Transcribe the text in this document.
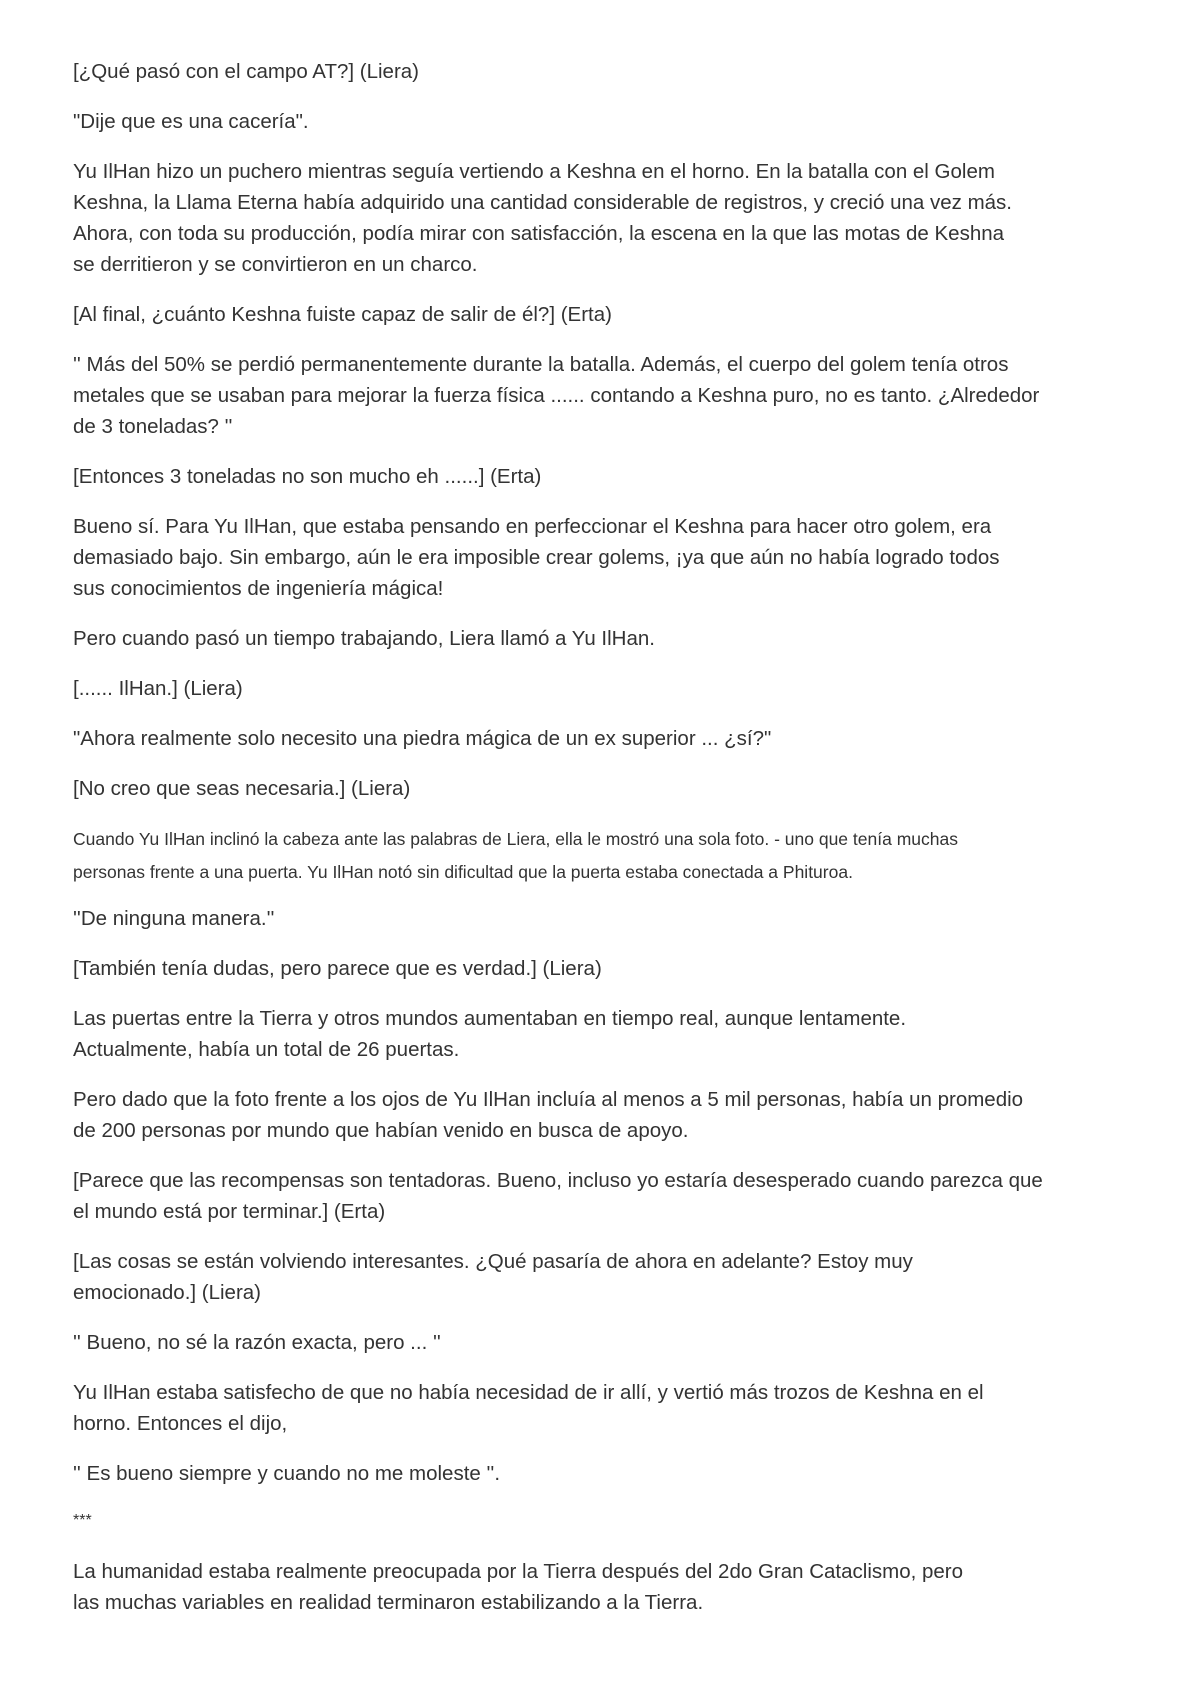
[¿Qué pasó con el campo AT?] (Liera)

"Dije que es una cacería".

Yu IlHan hizo un puchero mientras seguía vertiendo a Keshna en el horno. En la batalla con el Golem
Keshna, la Llama Eterna había adquirido una cantidad considerable de registros, y creció una vez más.
Ahora, con toda su producción, podía mirar con satisfacción, la escena en la que las motas de Keshna
se derritieron y se convirtieron en un charco.

[Al final, ¿cuánto Keshna fuiste capaz de salir de él?] (Erta)

'' Más del 50% se perdió permanentemente durante la batalla. Además, el cuerpo del golem tenía otros
metales que se usaban para mejorar la fuerza física ...... contando a Keshna puro, no es tanto. ¿Alrededor
de 3 toneladas? ''

[Entonces 3 toneladas no son mucho eh ......] (Erta)

Bueno sí. Para Yu IlHan, que estaba pensando en perfeccionar el Keshna para hacer otro golem, era
demasiado bajo. Sin embargo, aún le era imposible crear golems, ¡ya que aún no había logrado todos
sus conocimientos de ingeniería mágica!

Pero cuando pasó un tiempo trabajando, Liera llamó a Yu IlHan.

[...... IlHan.] (Liera)

"Ahora realmente solo necesito una piedra mágica de un ex superior ... ¿sí?"

[No creo que seas necesaria.] (Liera)

Cuando Yu IlHan inclinó la cabeza ante las palabras de Liera, ella le mostró una sola foto. - uno que tenía muchas
personas frente a una puerta. Yu IlHan notó sin dificultad que la puerta estaba conectada a Phituroa.

''De ninguna manera.''

[También tenía dudas, pero parece que es verdad.] (Liera)

Las puertas entre la Tierra y otros mundos aumentaban en tiempo real, aunque lentamente.
Actualmente, había un total de 26 puertas.

Pero dado que la foto frente a los ojos de Yu IlHan incluía al menos a 5 mil personas, había un promedio
de 200 personas por mundo que habían venido en busca de apoyo.

[Parece que las recompensas son tentadoras. Bueno, incluso yo estaría desesperado cuando parezca que
el mundo está por terminar.] (Erta)

[Las cosas se están volviendo interesantes. ¿Qué pasaría de ahora en adelante? Estoy muy
emocionado.] (Liera)

'' Bueno, no sé la razón exacta, pero ... ''

Yu IlHan estaba satisfecho de que no había necesidad de ir allí, y vertió más trozos de Keshna en el
horno. Entonces el dijo,

'' Es bueno siempre y cuando no me moleste ''.

***

La humanidad estaba realmente preocupada por la Tierra después del 2do Gran Cataclismo, pero
las muchas variables en realidad terminaron estabilizando a la Tierra.
